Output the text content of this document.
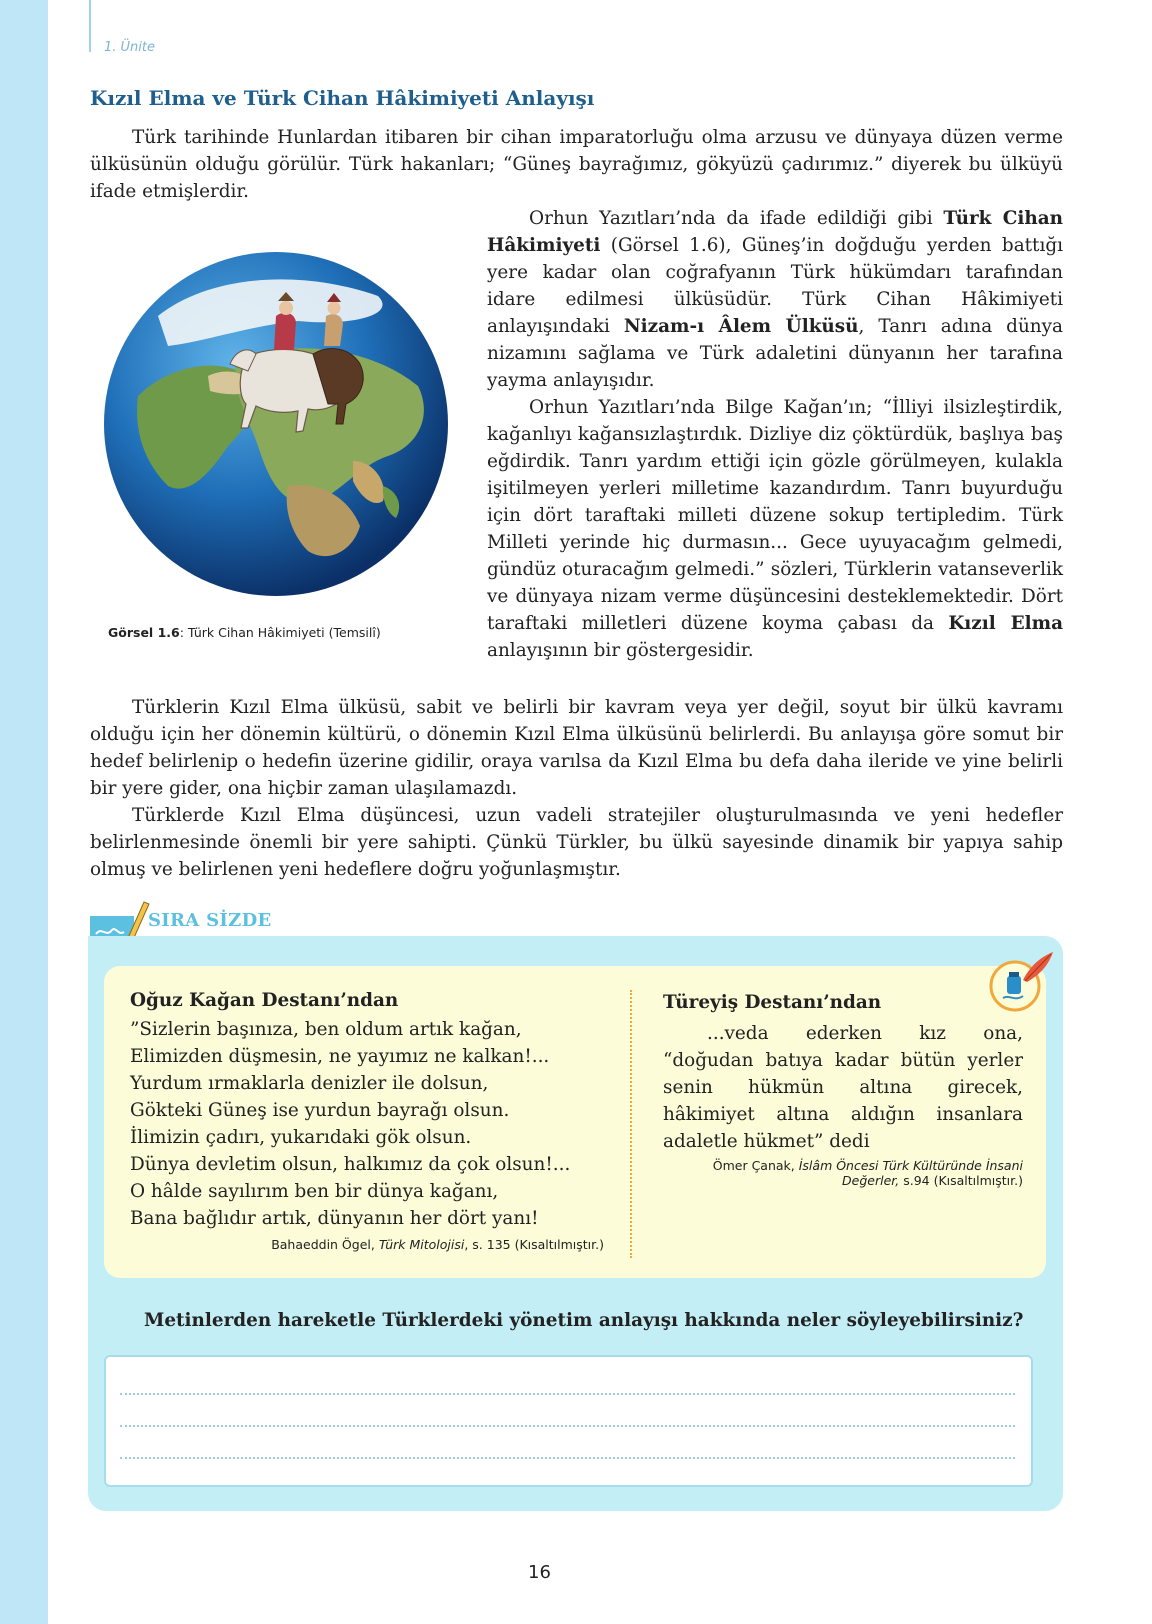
1. Ünite
Kızıl Elma ve Türk Cihan Hâkimiyeti Anlayışı

Türk tarihinde Hunlardan itibaren bir cihan imparatorluğu olma arzusu ve dünyaya düzen verme ülküsünün olduğu görülür. Türk hakanları; “Güneş bayrağımız, gökyüzü çadırımız.” diyerek bu ülküyü ifade etmişlerdir.

Orhun Yazıtları’nda da ifade edildiği gibi Türk Cihan Hâkimiyeti (Görsel 1.6), Güneş’in doğduğu yerden battığı yere kadar olan coğrafyanın Türk hükümdarı tarafından idare edilmesi ülküsüdür. Türk Cihan Hâkimiyeti anlayışındaki Nizam-ı Âlem Ülküsü, Tanrı adına dünya nizamını sağlama ve Türk adaletini dünyanın her tarafına yayma anlayışıdır.

Orhun Yazıtları’nda Bilge Kağan’ın; “İlliyi ilsizleştirdik, kağanlıyı kağansızlaştırdık. Dizliye diz çöktürdük, başlıya baş eğdirdik. Tanrı yardım ettiği için gözle görülmeyen, kulakla işitilmeyen yerleri milletime kazandırdım. Tanrı buyurduğu için dört taraftaki milleti düzene sokup tertipledim. Türk Milleti yerinde hiç durmasın... Gece uyuyacağım gelmedi, gündüz oturacağım gelmedi.” sözleri, Türklerin vatanseverlik ve dünyaya nizam verme düşüncesini desteklemektedir. Dört taraftaki milletleri düzene koyma çabası da Kızıl Elma anlayışının bir göstergesidir.

Türklerin Kızıl Elma ülküsü, sabit ve belirli bir kavram veya yer değil, soyut bir ülkü kavramı olduğu için her dönemin kültürü, o dönemin Kızıl Elma ülküsünü belirlerdi. Bu anlayışa göre somut bir hedef belirlenip o hedefin üzerine gidilir, oraya varılsa da Kızıl Elma bu defa daha ileride ve yine belirli bir yere gider, ona hiçbir zaman ulaşılamazdı.

Türklerde Kızıl Elma düşüncesi, uzun vadeli stratejiler oluşturulmasında ve yeni hedefler belirlenmesinde önemli bir yere sahipti. Çünkü Türkler, bu ülkü sayesinde dinamik bir yapıya sahip olmuş ve belirlenen yeni hedeflere doğru yoğunlaşmıştır.

Görsel 1.6: Türk Cihan Hâkimiyeti (Temsilî)
SIRA SİZDE

Oğuz Kağan Destanı’ndan

”Sizlerin başınıza, ben oldum artık kağan,
Elimizden düşmesin, ne yayımız ne kalkan!...
Yurdum ırmaklarla denizler ile dolsun,
Gökteki Güneş ise yurdun bayrağı olsun.
İlimizin çadırı, yukarıdaki gök olsun.
Dünya devletim olsun, halkımız da çok olsun!...
O hâlde sayılırım ben bir dünya kağanı,
Bana bağlıdır artık, dünyanın her dört yanı!
Bahaeddin Ögel, Türk Mitolojisi, s. 135 (Kısaltılmıştır.)

Türeyiş Destanı’ndan

...veda ederken kız ona, “doğudan batıya kadar bütün yerler senin hükmün altına girecek, hâkimiyet altına aldığın insanlara adaletle hükmet” dedi

Ömer Çanak, İslâm Öncesi Türk Kültüründe İnsani Değerler, s.94 (Kısaltılmıştır.)

Metinlerden hareketle Türklerdeki yönetim anlayışı hakkında neler söyleyebilirsiniz?

16
